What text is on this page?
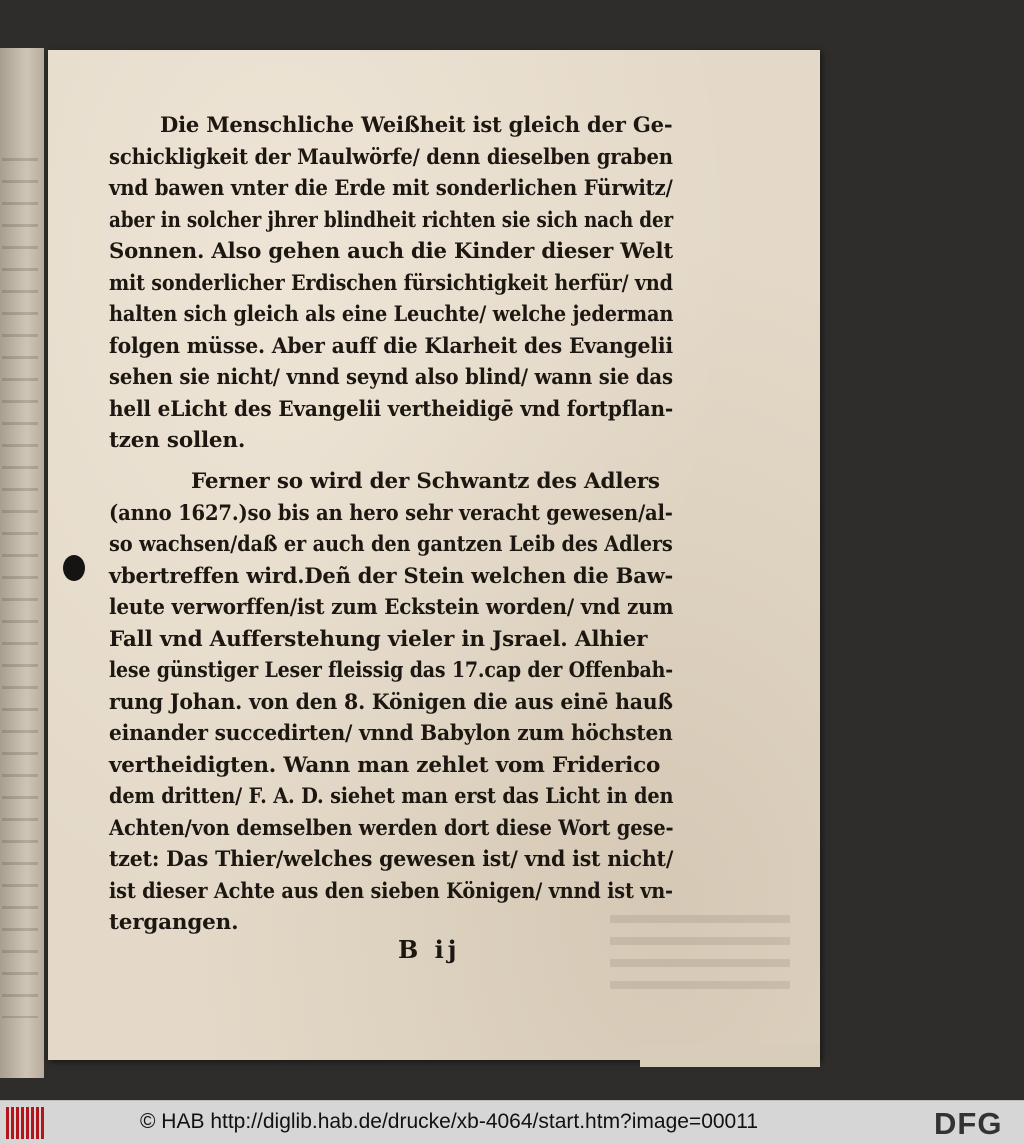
Die Menschliche Weißheit ist gleich der Ge-
schickligkeit der Maulwörfe/ denn dieselben graben
vnd bawen vnter die Erde mit sonderlichen Fürwitz/
aber in solcher jhrer blindheit richten sie sich nach der
Sonnen. Also gehen auch die Kinder dieser Welt
mit sonderlicher Erdischen fürsichtigkeit herfür/ vnd
halten sich gleich als eine Leuchte/ welche jederman
folgen müsse. Aber auff die Klarheit des Evangelii
sehen sie nicht/ vnnd seynd also blind/ wann sie das
hell eLicht des Evangelii vertheidigē vnd fortpflan-
tzen sollen.
Ferner so wird der Schwantz des Adlers
(anno 1627.)so bis an hero sehr veracht gewesen/al-
so wachsen/daß er auch den gantzen Leib des Adlers
vbertreffen wird.Deñ der Stein welchen die Baw-
leute verworffen/ist zum Eckstein worden/ vnd zum
Fall vnd Aufferstehung vieler in Jsrael. Alhier
lese günstiger Leser fleissig das 17.cap der Offenbah-
rung Johan. von den 8. Königen die aus einē hauß
einander succedirten/ vnnd Babylon zum höchsten
vertheidigten. Wann man zehlet vom Friderico
dem dritten/ F. A. D. siehet man erst das Licht in den
Achten/von demselben werden dort diese Wort gese-
tzet: Das Thier/welches gewesen ist/ vnd ist nicht/
ist dieser Achte aus den sieben Königen/ vnnd ist vn-
tergangen.

B ij

© HAB http://diglib.hab.de/drucke/xb-4064/start.htm?image=00011	DFG
